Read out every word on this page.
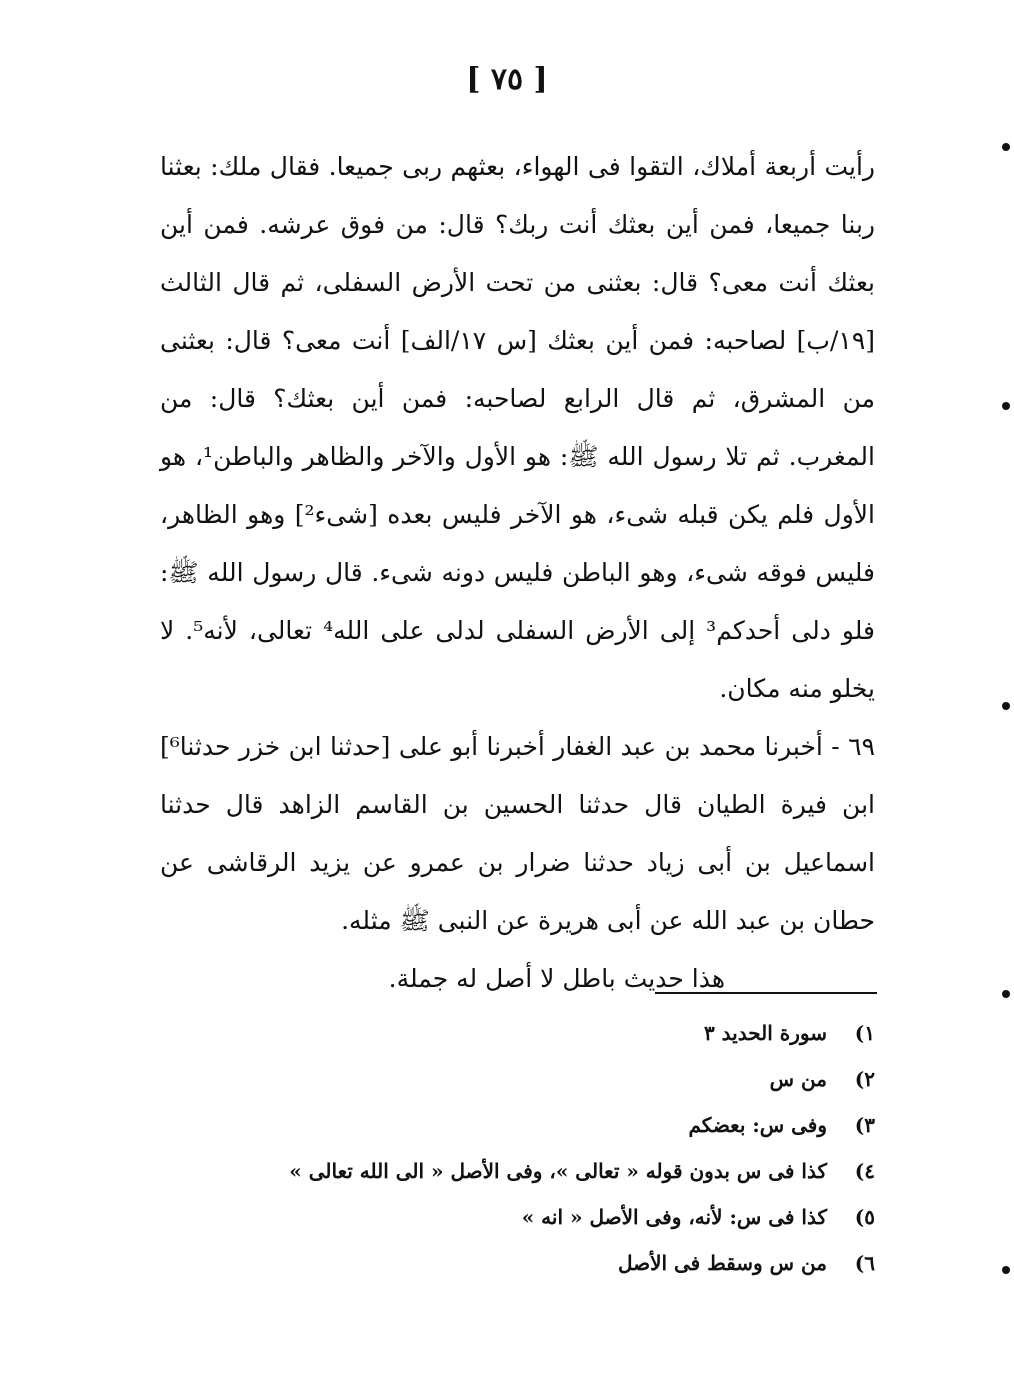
[ ٧٥ ]

رأيت أربعة أملاك، التقوا فى الهواء، بعثهم ربى جميعا. فقال ملك: بعثنا ربنا جميعا، فمن أين بعثك أنت ربك؟ قال: من فوق عرشه. فمن أين بعثك أنت معى؟ قال: بعثنى من تحت الأرض السفلى، ثم قال الثالث [١٩/ب] لصاحبه: فمن أين بعثك [س ١٧/الف] أنت معى؟ قال: بعثنى من المشرق، ثم قال الرابع لصاحبه: فمن أين بعثك؟ قال: من المغرب. ثم تلا رسول الله ﷺ: هو الأول والآخر والظاهر والباطن¹، هو الأول فلم يكن قبله شىء، هو الآخر فليس بعده [شىء²] وهو الظاهر، فليس فوقه شىء، وهو الباطن فليس دونه شىء. قال رسول الله ﷺ: فلو دلى أحدكم³ إلى الأرض السفلى لدلى على الله⁴ تعالى، لأنه⁵. لا يخلو منه مكان.

٦٩ - أخبرنا محمد بن عبد الغفار أخبرنا أبو على [حدثنا ابن خزر حدثنا⁶] ابن فيرة الطيان قال حدثنا الحسين بن القاسم الزاهد قال حدثنا اسماعيل بن أبى زياد حدثنا ضرار بن عمرو عن يزيد الرقاشى عن حطان بن عبد الله عن أبى هريرة عن النبى ﷺ مثله.

هذا حديث باطل لا أصل له جملة.

١)سورة الحديد ٣
٢)من س
٣)وفى س: بعضكم
٤)كذا فى س بدون قوله « تعالى »، وفى الأصل « الى الله تعالى »
٥)كذا فى س: لأنه، وفى الأصل « انه »
٦)من س وسقط فى الأصل
